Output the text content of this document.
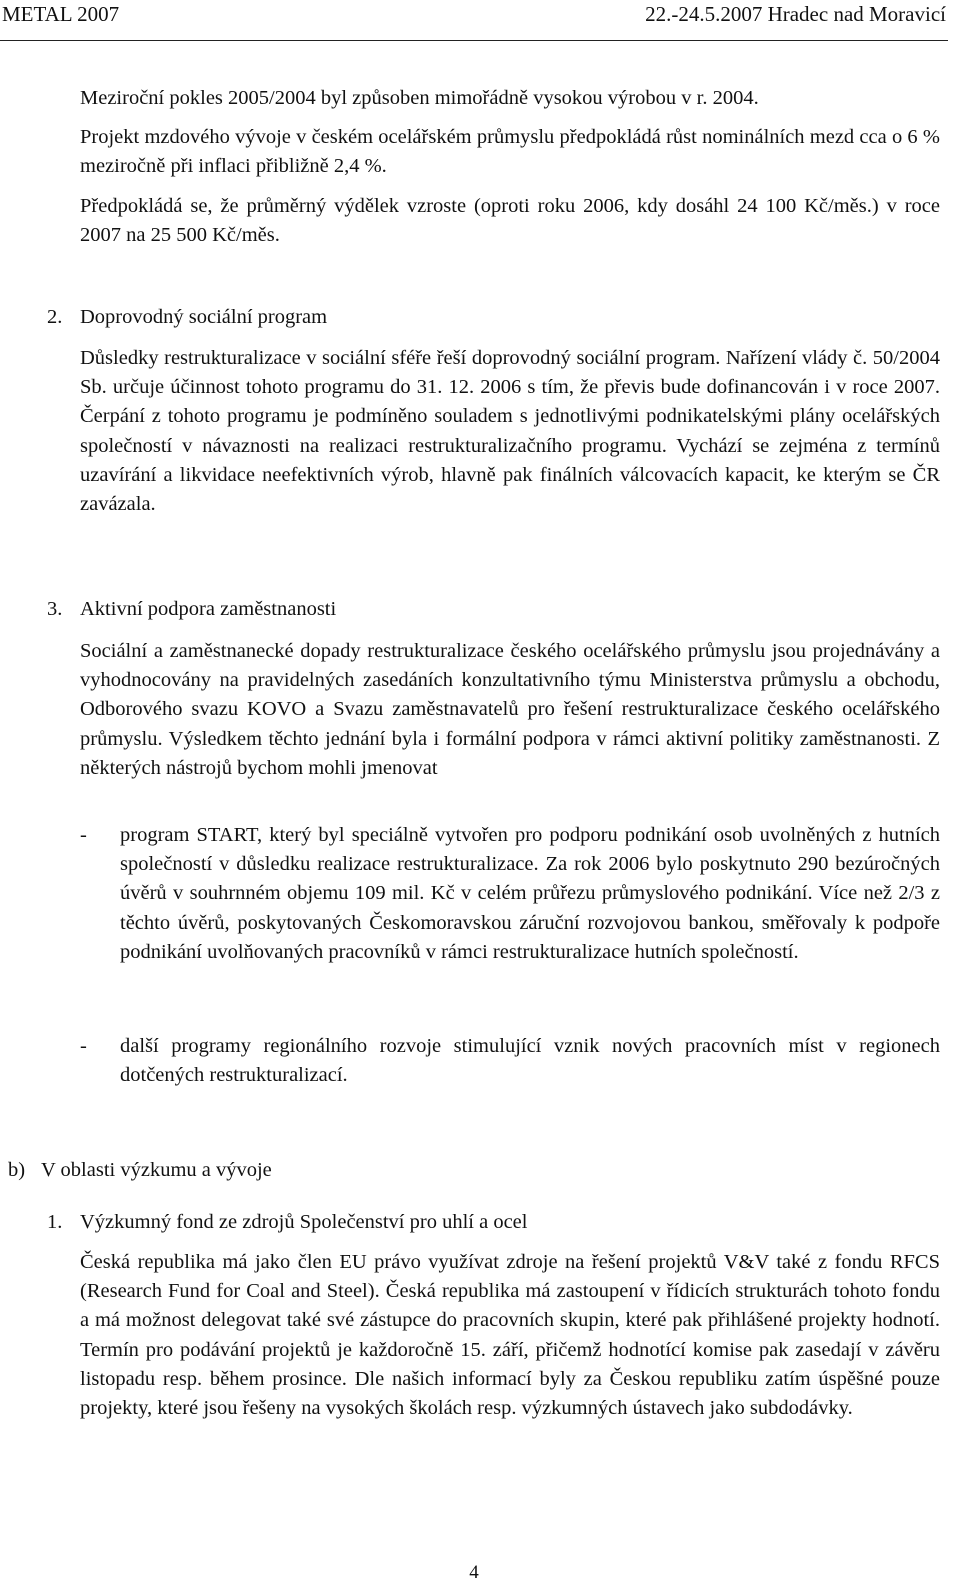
METAL 2007	22.-24.5.2007 Hradec nad Moravicí

Meziroční pokles 2005/2004 byl způsoben mimořádně vysokou výrobou v r. 2004.

Projekt mzdového vývoje v českém ocelářském průmyslu předpokládá růst nominálních mezd cca o 6 % meziročně při inflaci přibližně 2,4 %.

Předpokládá se, že průměrný výdělek vzroste (oproti roku 2006, kdy dosáhl 24 100 Kč/měs.) v roce 2007 na 25 500 Kč/měs.

2. Doprovodný sociální program

Důsledky restrukturalizace v sociální sféře řeší doprovodný sociální program. Nařízení vlády č. 50/2004 Sb. určuje účinnost tohoto programu do 31. 12. 2006 s tím, že převis bude dofinancován i v roce 2007. Čerpání z tohoto programu je podmíněno souladem s jednotlivými podnikatelskými plány ocelářských společností v návaznosti na realizaci restrukturalizačního programu. Vychází se zejména z termínů uzavírání a likvidace neefektivních výrob, hlavně pak finálních válcovacích kapacit, ke kterým se ČR zavázala.

3. Aktivní podpora zaměstnanosti

Sociální a zaměstnanecké dopady restrukturalizace českého ocelářského průmyslu jsou projednávány a vyhodnocovány na pravidelných zasedáních konzultativního týmu Ministerstva průmyslu a obchodu, Odborového svazu KOVO a Svazu zaměstnavatelů pro řešení restrukturalizace českého ocelářského průmyslu. Výsledkem těchto jednání byla i formální podpora v rámci aktivní politiky zaměstnanosti. Z některých nástrojů bychom mohli jmenovat

- program START, který byl speciálně vytvořen pro podporu podnikání osob uvolněných z hutních společností v důsledku realizace restrukturalizace. Za rok 2006 bylo poskytnuto 290 bezúročných úvěrů v souhrnném objemu 109 mil. Kč v celém průřezu průmyslového podnikání. Více než 2/3 z těchto úvěrů, poskytovaných Českomoravskou záruční rozvojovou bankou, směřovaly k podpoře podnikání uvolňovaných pracovníků v rámci restrukturalizace hutních společností.

- další programy regionálního rozvoje stimulující vznik nových pracovních míst v regionech dotčených restrukturalizací.

b) V oblasti výzkumu a vývoje
1. Výzkumný fond ze zdrojů Společenství pro uhlí a ocel

Česká republika má jako člen EU právo využívat zdroje na řešení projektů V&V také z fondu RFCS (Research Fund for Coal and Steel). Česká republika má zastoupení v řídicích strukturách tohoto fondu a má možnost delegovat také své zástupce do pracovních skupin, které pak přihlášené projekty hodnotí. Termín pro podávání projektů je každoročně 15. září, přičemž hodnotící komise pak zasedají v závěru listopadu resp. během prosince. Dle našich informací byly za Českou republiku zatím úspěšné pouze projekty, které jsou řešeny na vysokých školách resp. výzkumných ústavech jako subdodávky.

4
